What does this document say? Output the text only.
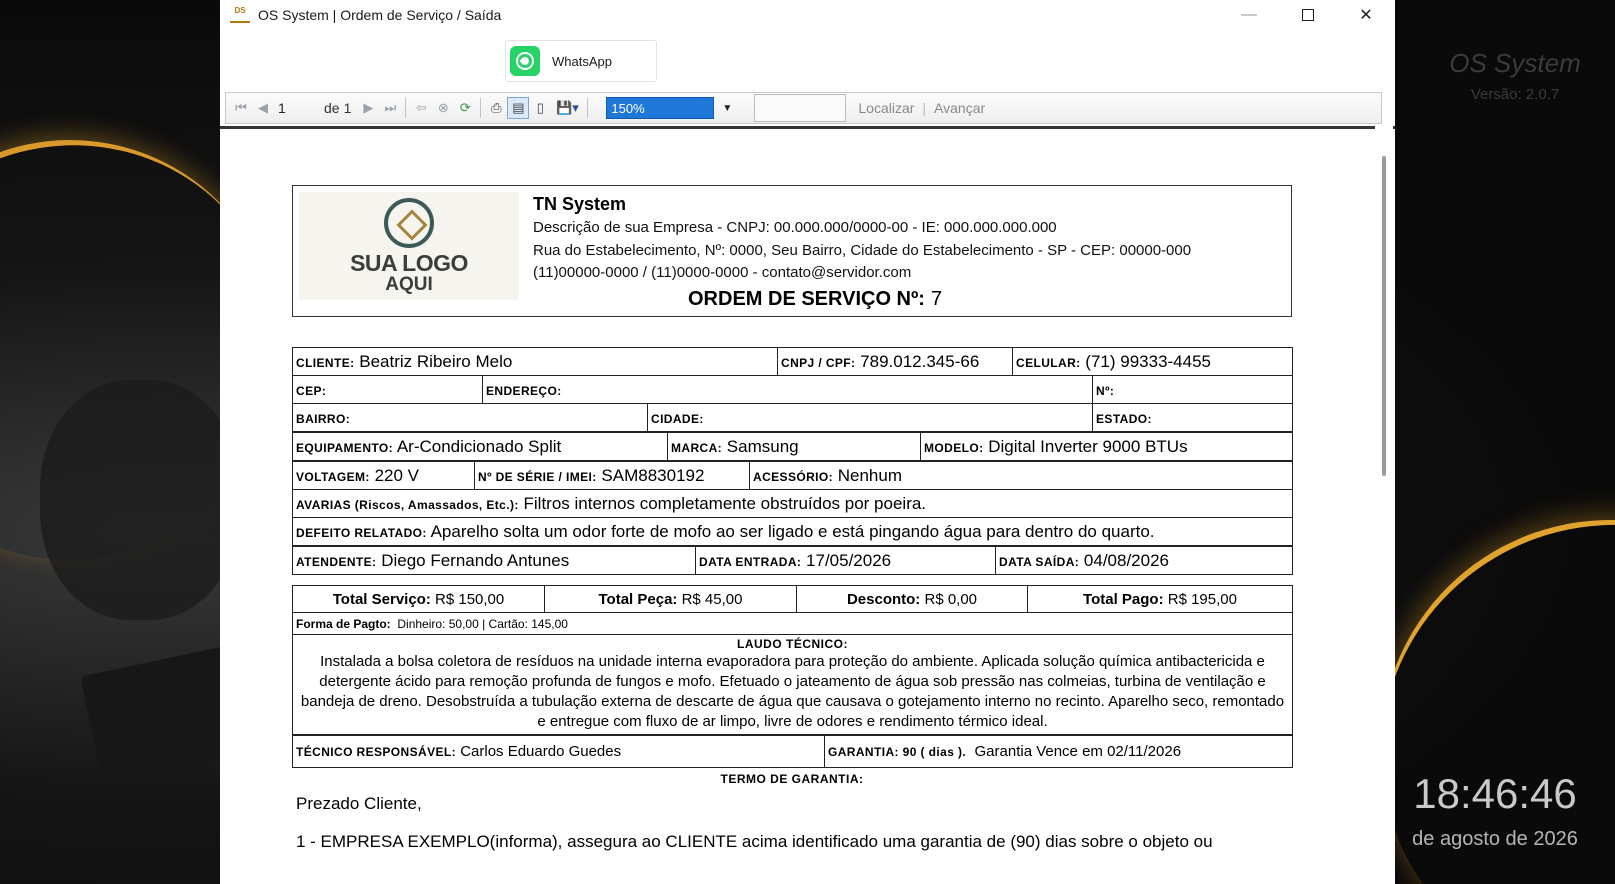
OS System
Versão: 2.0.7
18:46:46
de agosto de 2026
DS OS System | Ordem de Serviço / Saída	—	✕
WhatsApp
⏮ ◀
1	de 1 ▶ ⏭	⇦ ⊗ ⟳	⎙ ▤ ▯ 💾▾	150%	▼	Localizar | Avançar
SUA LOGO
AQUI
TN System
Descrição de sua Empresa - CNPJ: 00.000.000/0000-00 - IE: 000.000.000.000
Rua do Estabelecimento, Nº: 0000, Seu Bairro, Cidade do Estabelecimento - SP - CEP: 00000-000
(11)00000-0000 / (11)0000-0000 - contato@servidor.com
ORDEM DE SERVIÇO Nº: 7
CLIENTE: Beatriz Ribeiro Melo			CNPJ / CPF: 789.012.345-66	CELULAR: (71) 99333-4455	
CEP:	ENDEREÇO:				Nº:
BAIRRO:		CIDADE:			ESTADO:
EQUIPAMENTO: Ar-Condicionado Split	MARCA: Samsung	MODELO: Digital Inverter 9000 BTUs
VOLTAGEM: 220 V	Nº DE SÉRIE / IMEI: SAM8830192	ACESSÓRIO: Nenhum
AVARIAS (Riscos, Amassados, Etc.): Filtros internos completamente obstruídos por poeira.
DEFEITO RELATADO: Aparelho solta um odor forte de mofo ao ser ligado e está pingando água para dentro do quarto.
ATENDENTE: Diego Fernando Antunes	DATA ENTRADA: 17/05/2026	DATA SAÍDA: 04/08/2026
Total Serviço: R$ 150,00	Total Peça: R$ 45,00	Desconto: R$ 0,00	Total Pago: R$ 195,00
Forma de Pagto: Dinheiro: 50,00 | Cartão: 145,00

LAUDO TÉCNICO:
Instalada a bolsa coletora de resíduos na unidade interna evaporadora para proteção do ambiente. Aplicada solução química antibactericida e detergente ácido para remoção profunda de fungos e mofo. Efetuado o jateamento de água sob pressão nas colmeias, turbina de ventilação e bandeja de dreno. Desobstruída a tubulação externa de descarte de água que causava o gotejamento interno no recinto. Aparelho seco, remontado e entregue com fluxo de ar limpo, livre de odores e rendimento térmico ideal.
TÉCNICO RESPONSÁVEL: Carlos Eduardo Guedes	GARANTIA: 90 ( dias ). Garantia Vence em 02/11/2026
TERMO DE GARANTIA:
Prezado Cliente,
1 - EMPRESA EXEMPLO(informa), assegura ao CLIENTE acima identificado uma garantia de (90) dias sobre o objeto ou
